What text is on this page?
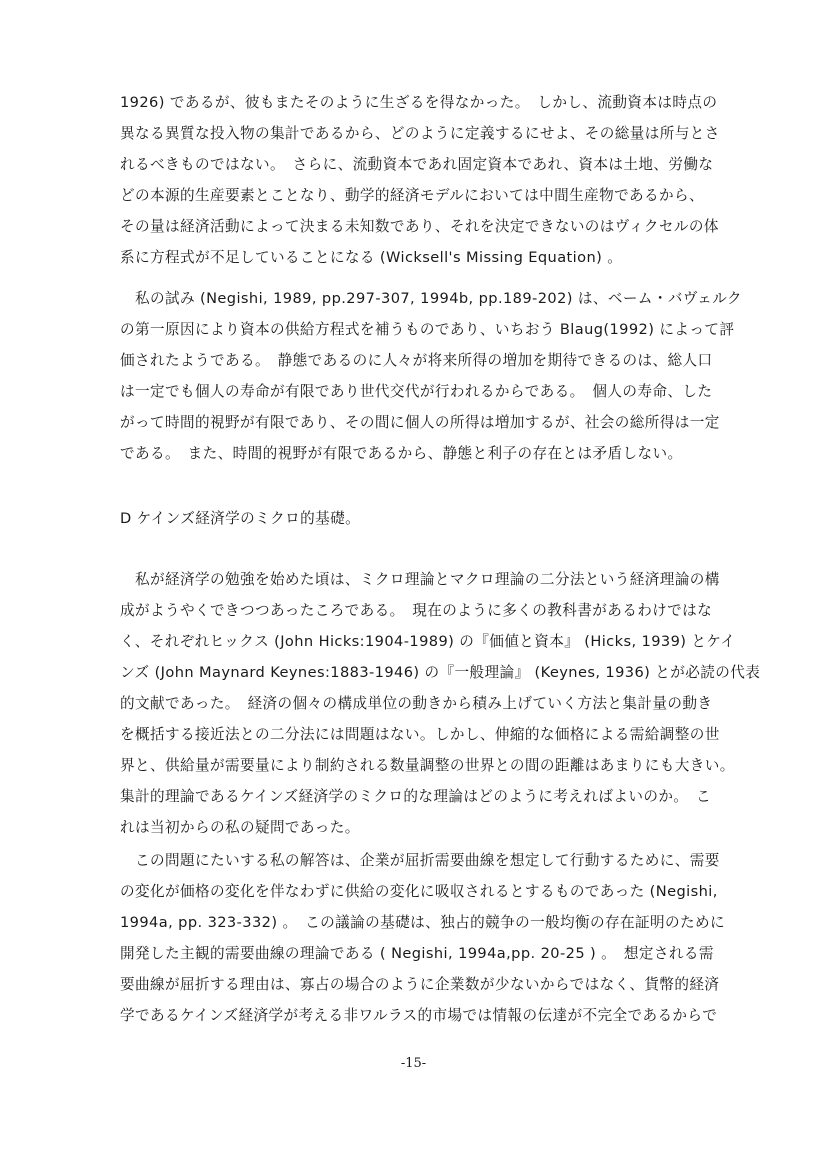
1926) であるが、彼もまたそのように生ざるを得なかった。　しかし、流動資本は時点の
異なる異質な投入物の集計であるから、どのように定義するにせよ、その総量は所与とさ
れるべきものではない。　さらに、流動資本であれ固定資本であれ、資本は土地、労働な
どの本源的生産要素とことなり、動学的経済モデルにおいては中間生産物であるから、
その量は経済活動によって決まる未知数であり、それを決定できないのはヴィクセルの体
系に方程式が不足していることになる (Wicksell's Missing Equation) 。
　私の試み (Negishi, 1989, pp.297-307, 1994b, pp.189-202) は、ベーム・バヴェルク
の第一原因により資本の供給方程式を補うものであり、いちおう Blaug(1992) によって評
価されたようである。　静態であるのに人々が将来所得の増加を期待できるのは、総人口
は一定でも個人の寿命が有限であり世代交代が行われるからである。　個人の寿命、した
がって時間的視野が有限であり、その間に個人の所得は増加するが、社会の総所得は一定
である。　また、時間的視野が有限であるから、静態と利子の存在とは矛盾しない。
D ケインズ経済学のミクロ的基礎。
　私が経済学の勉強を始めた頃は、ミクロ理論とマクロ理論の二分法という経済理論の構
成がようやくできつつあったころである。　現在のように多くの教科書があるわけではな
く、それぞれヒックス (John Hicks:1904-1989) の『価値と資本』 (Hicks, 1939) とケイ
ンズ (John Maynard Keynes:1883-1946) の『一般理論』 (Keynes, 1936) とが必読の代表
的文献であった。　経済の個々の構成単位の動きから積み上げていく方法と集計量の動き
を概括する接近法との二分法には問題はない。しかし、伸縮的な価格による需給調整の世
界と、供給量が需要量により制約される数量調整の世界との間の距離はあまりにも大きい。
集計的理論であるケインズ経済学のミクロ的な理論はどのように考えればよいのか。　こ
れは当初からの私の疑問であった。
　この問題にたいする私の解答は、企業が屈折需要曲線を想定して行動するために、需要
の変化が価格の変化を伴なわずに供給の変化に吸収されるとするものであった (Negishi,
1994a, pp. 323-332) 。　この議論の基礎は、独占的競争の一般均衡の存在証明のために
開発した主観的需要曲線の理論である ( Negishi, 1994a,pp. 20-25 ) 。　想定される需
要曲線が屈折する理由は、寡占の場合のように企業数が少ないからではなく、貨幣的経済
学であるケインズ経済学が考える非ワルラス的市場では情報の伝達が不完全であるからで
-15-
